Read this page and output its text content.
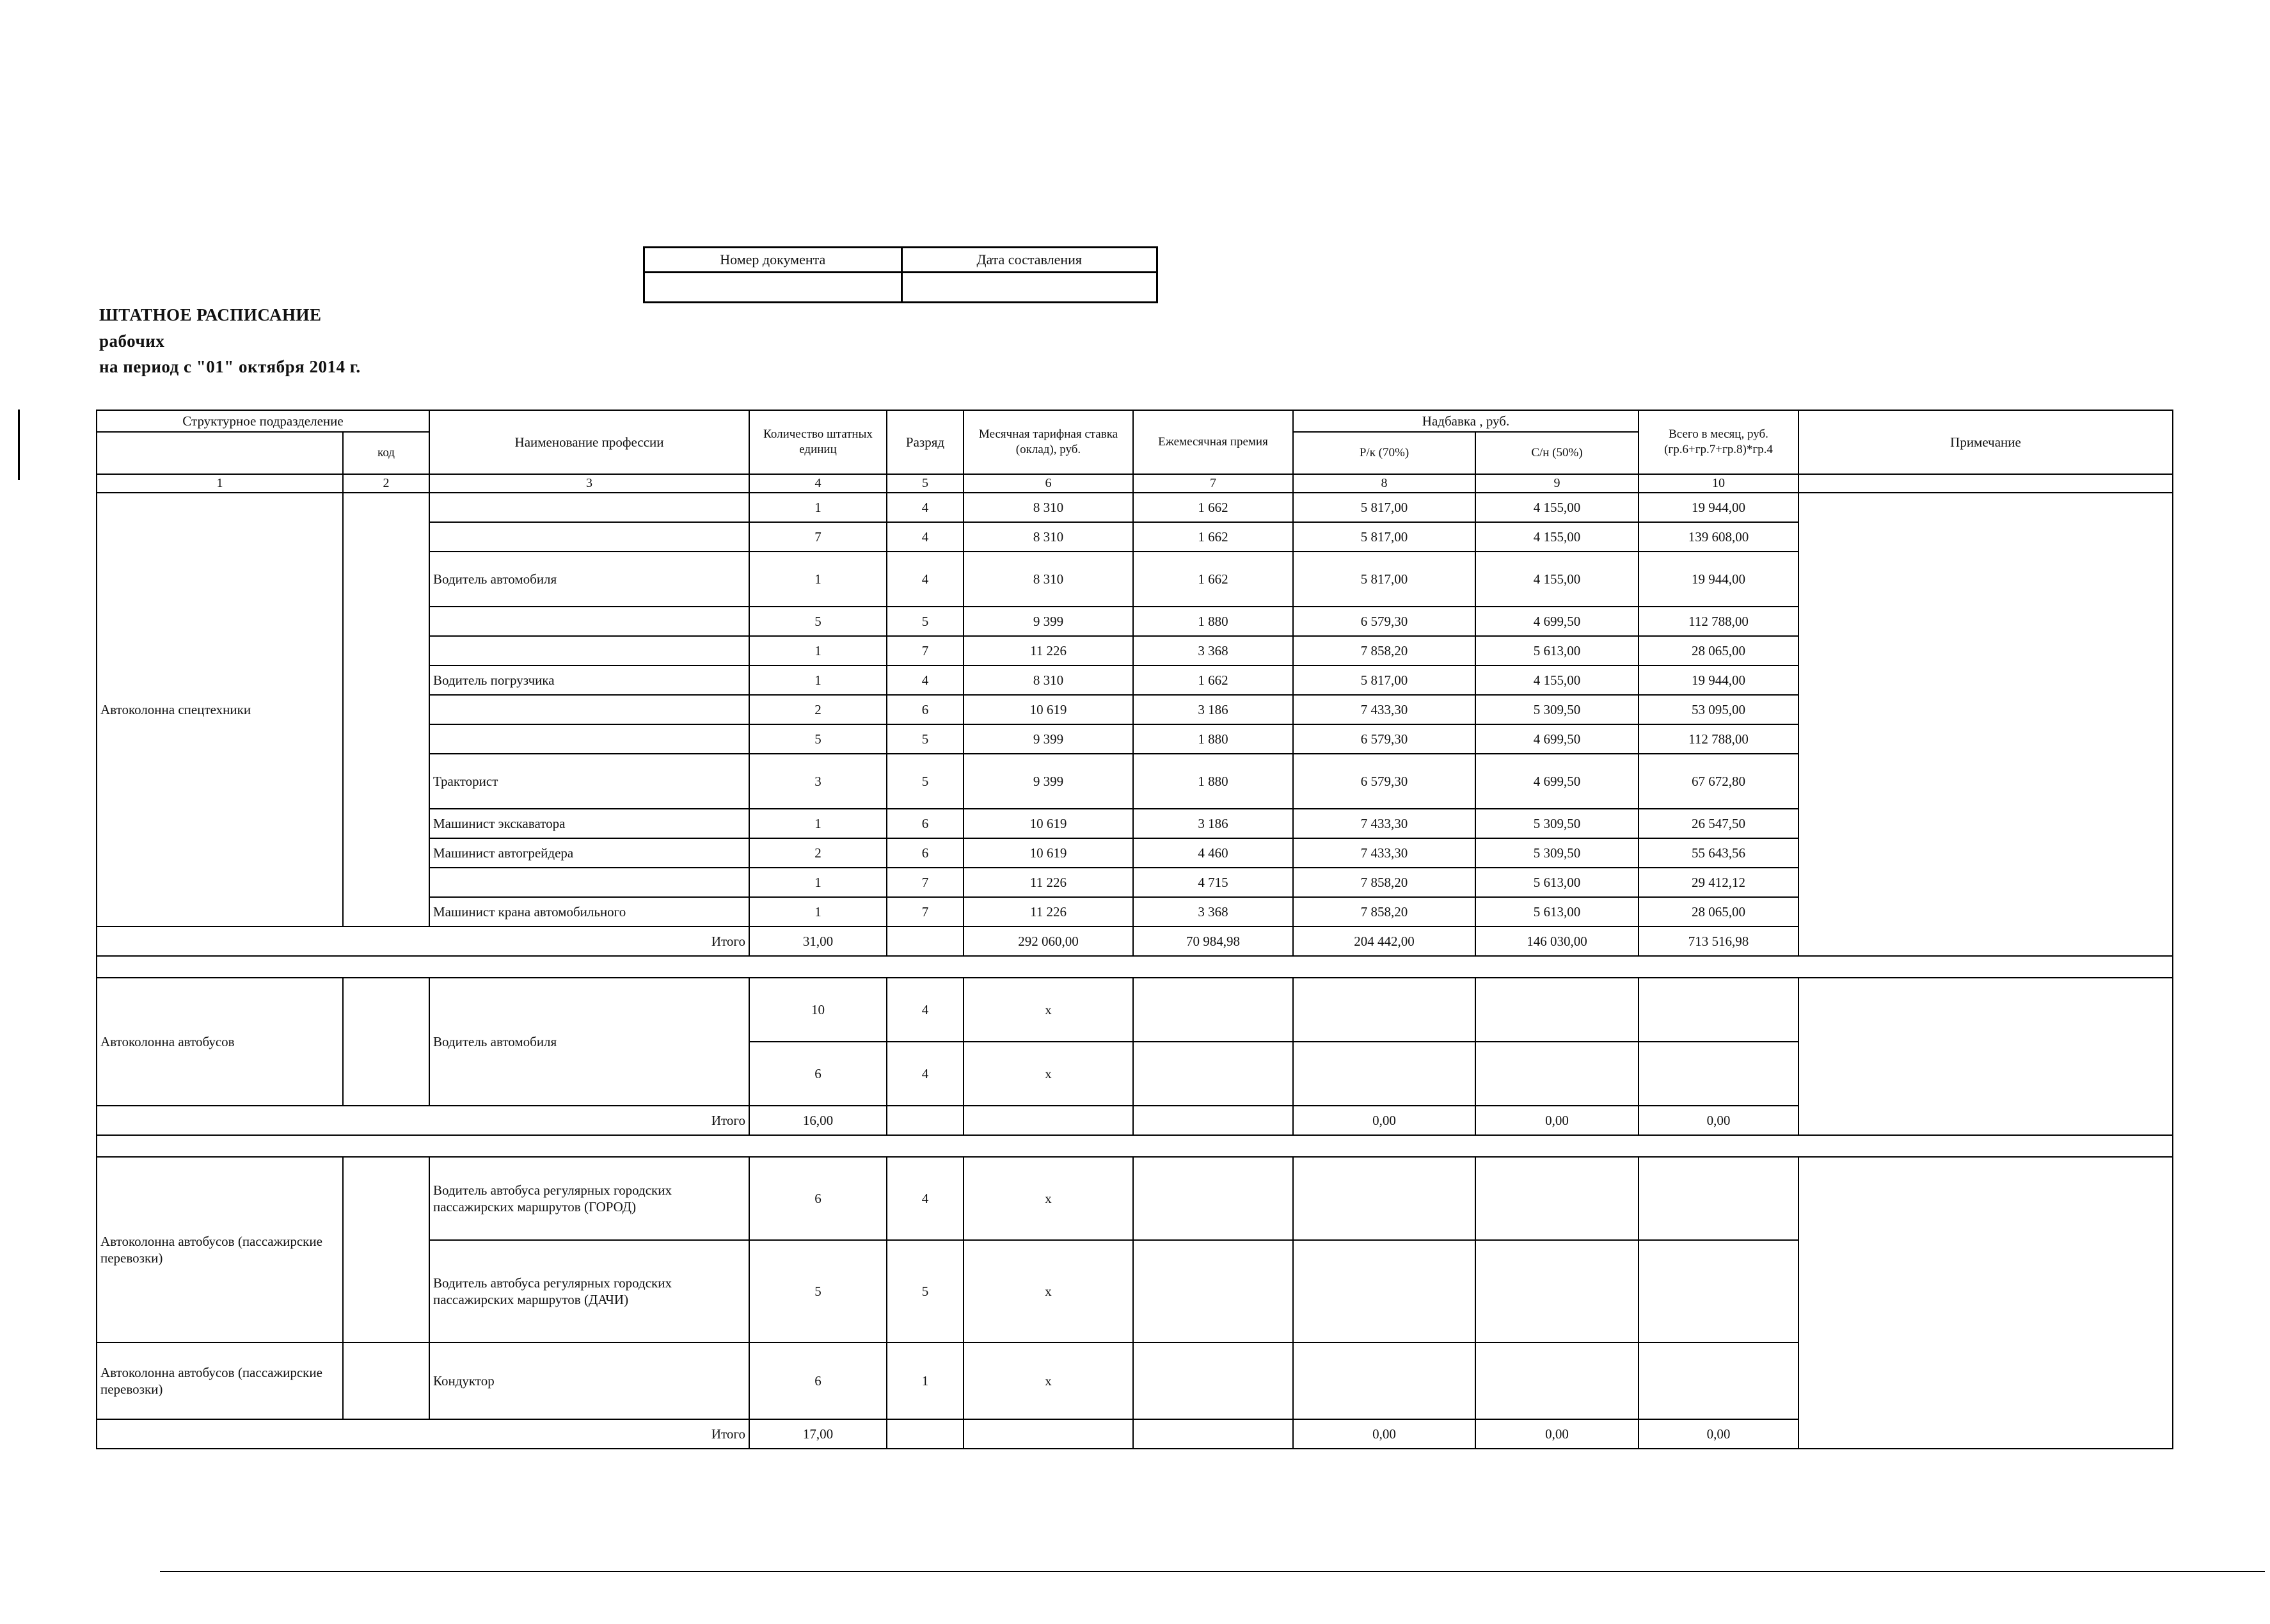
Номер документа	Дата составления
ШТАТНОЕ РАСПИСАНИЕ
рабочих
на период с "01" октября 2014 г.
Структурное подразделение		Наименование профессии	Количество штатных единиц	Разряд	Месячная тарифная ставка (оклад), руб.	Ежемесячная премия	Надбавка , руб.		Всего в месяц, руб. (гр.6+гр.7+гр.8)*гр.4	Примечание
	код						Р/к (70%)	С/н (50%)		
1	2	3	4	5	6	7	8	9	10	
Автоколонна спецтехники			1	4	8 310	1 662	5 817,00	4 155,00	19 944,00	
			7	4	8 310	1 662	5 817,00	4 155,00	139 608,00	
		Водитель автомобиля	1	4	8 310	1 662	5 817,00	4 155,00	19 944,00	
			5	5	9 399	1 880	6 579,30	4 699,50	112 788,00	
			1	7	11 226	3 368	7 858,20	5 613,00	28 065,00	
		Водитель погрузчика	1	4	8 310	1 662	5 817,00	4 155,00	19 944,00	
			2	6	10 619	3 186	7 433,30	5 309,50	53 095,00	
			5	5	9 399	1 880	6 579,30	4 699,50	112 788,00	
		Тракторист	3	5	9 399	1 880	6 579,30	4 699,50	67 672,80	
		Машинист экскаватора	1	6	10 619	3 186	7 433,30	5 309,50	26 547,50	
		Машинист автогрейдера	2	6	10 619	4 460	7 433,30	5 309,50	55 643,56	
			1	7	11 226	4 715	7 858,20	5 613,00	29 412,12	
		Машинист крана автомобильного	1	7	11 226	3 368	7 858,20	5 613,00	28 065,00	
Итого			31,00		292 060,00	70 984,98	204 442,00	146 030,00	713 516,98	

Автоколонна автобусов		Водитель автомобиля	10	4	х					
			6	4	х					
Итого			16,00				0,00	0,00	0,00	

Автоколонна автобусов (пассажирские перевозки)		Водитель автобуса регулярных городских пассажирских маршрутов (ГОРОД)	6	4	х					
		Водитель автобуса регулярных городских пассажирских маршрутов (ДАЧИ)	5	5	х					
Автоколонна автобусов (пассажирские перевозки)		Кондуктор	6	1	х					
Итого			17,00				0,00	0,00	0,00	
